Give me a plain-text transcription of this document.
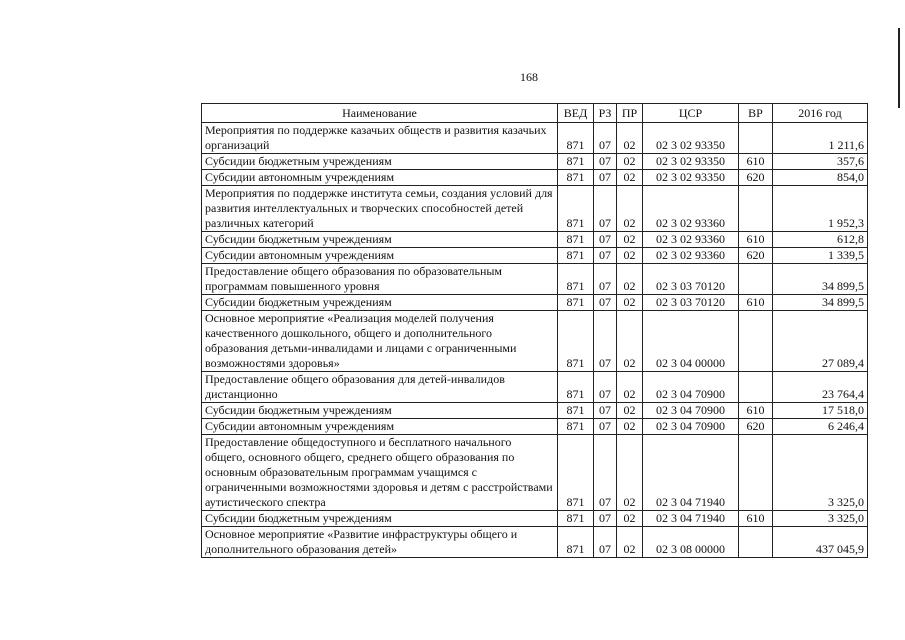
168
Наименование	ВЕД	РЗ	ПР	ЦСР	ВР	2016 год
Мероприятия по поддержке казачьих обществ и развития казачьих организаций	871	07	02	02 3 02 93350		1 211,6
Субсидии бюджетным учреждениям	871	07	02	02 3 02 93350	610	357,6
Субсидии автономным учреждениям	871	07	02	02 3 02 93350	620	854,0
Мероприятия по поддержке института семьи, создания условий для развития интеллектуальных и творческих способностей детей различных категорий	871	07	02	02 3 02 93360		1 952,3
Субсидии бюджетным учреждениям	871	07	02	02 3 02 93360	610	612,8
Субсидии автономным учреждениям	871	07	02	02 3 02 93360	620	1 339,5
Предоставление общего образования по образовательным программам повышенного уровня	871	07	02	02 3 03 70120		34 899,5
Субсидии бюджетным учреждениям	871	07	02	02 3 03 70120	610	34 899,5
Основное мероприятие «Реализация моделей получения качественного дошкольного, общего и дополнительного образования детьми-инвалидами и лицами с ограниченными возможностями здоровья»	871	07	02	02 3 04 00000		27 089,4
Предоставление общего образования для детей-инвалидов дистанционно	871	07	02	02 3 04 70900		23 764,4
Субсидии бюджетным учреждениям	871	07	02	02 3 04 70900	610	17 518,0
Субсидии автономным учреждениям	871	07	02	02 3 04 70900	620	6 246,4
Предоставление общедоступного и бесплатного начального общего, основного общего, среднего общего образования по основным образовательным программам учащимся с ограниченными возможностями здоровья и детям с расстройствами аутистического спектра	871	07	02	02 3 04 71940		3 325,0
Субсидии бюджетным учреждениям	871	07	02	02 3 04 71940	610	3 325,0
Основное мероприятие «Развитие инфраструктуры общего и дополнительного образования детей»	871	07	02	02 3 08 00000		437 045,9
